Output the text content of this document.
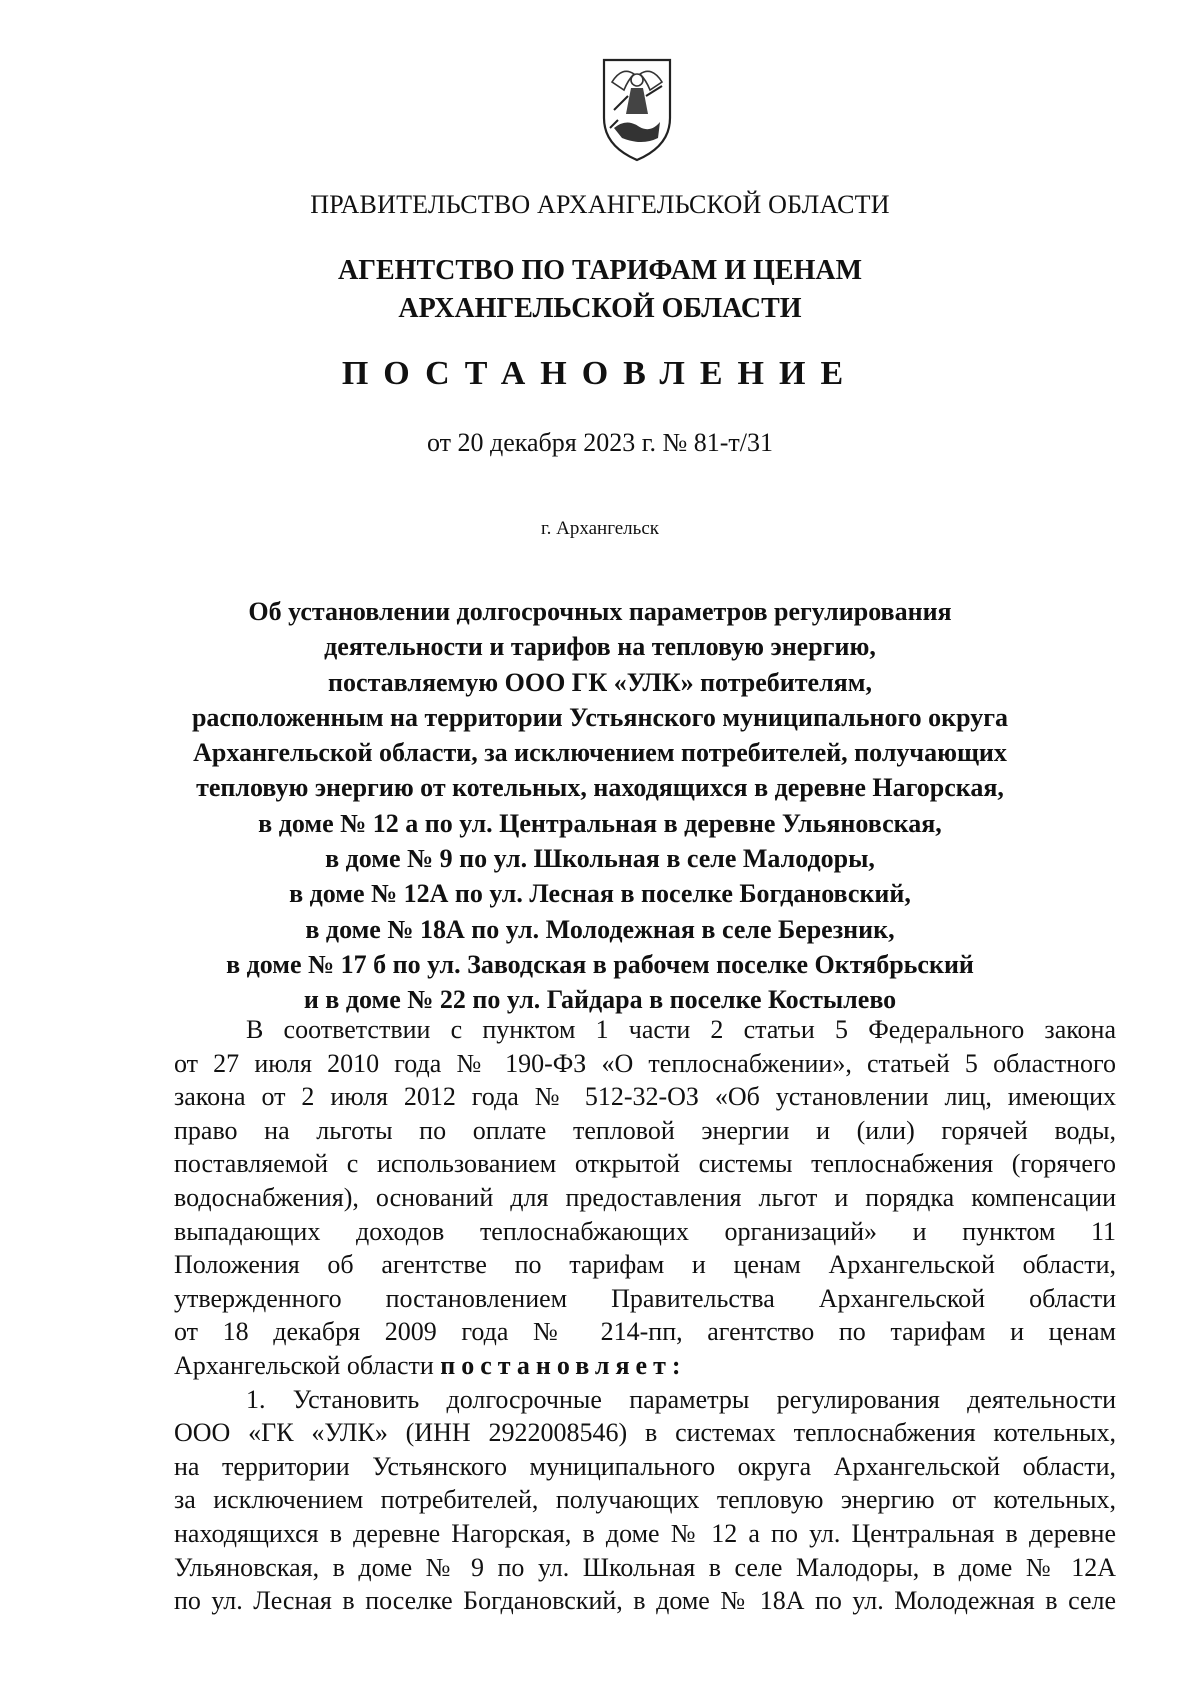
ПРАВИТЕЛЬСТВО АРХАНГЕЛЬСКОЙ ОБЛАСТИ
АГЕНТСТВО ПО ТАРИФАМ И ЦЕНАМ
АРХАНГЕЛЬСКОЙ ОБЛАСТИ
ПОСТАНОВЛЕНИЕ
от 20 декабря 2023 г. № 81-т/31
г. Архангельск
Об установлении долгосрочных параметров регулирования
деятельности и тарифов на тепловую энергию,
поставляемую ООО ГК «УЛК» потребителям,
расположенным на территории Устьянского муниципального округа
Архангельской области, за исключением потребителей, получающих
тепловую энергию от котельных, находящихся в деревне Нагорская,
в доме № 12 а по ул. Центральная в деревне Ульяновская,
в доме № 9 по ул. Школьная в селе Малодоры,
в доме № 12А по ул. Лесная в поселке Богдановский,
в доме № 18А по ул. Молодежная в селе Березник,
в доме № 17 б по ул. Заводская в рабочем поселке Октябрьский
и в доме № 22 по ул. Гайдара в поселке Костылево
В соответствии с пунктом 1 части 2 статьи 5 Федерального закона
от 27 июля 2010 года № 190-ФЗ «О теплоснабжении», статьей 5 областного
закона от 2 июля 2012 года № 512-32-ОЗ «Об установлении лиц, имеющих
право на льготы по оплате тепловой энергии и (или) горячей воды,
поставляемой с использованием открытой системы теплоснабжения (горячего
водоснабжения), оснований для предоставления льгот и порядка компенсации
выпадающих доходов теплоснабжающих организаций» и пунктом 11
Положения об агентстве по тарифам и ценам Архангельской области,
утвержденного постановлением Правительства Архангельской области
от 18 декабря 2009 года № 214-пп, агентство по тарифам и ценам
Архангельской области постановляет:
1. Установить долгосрочные параметры регулирования деятельности
ООО «ГК «УЛК» (ИНН 2922008546) в системах теплоснабжения котельных,
на территории Устьянского муниципального округа Архангельской области,
за исключением потребителей, получающих тепловую энергию от котельных,
находящихся в деревне Нагорская, в доме № 12 а по ул. Центральная в деревне
Ульяновская, в доме № 9 по ул. Школьная в селе Малодоры, в доме № 12А
по ул. Лесная в поселке Богдановский, в доме № 18А по ул. Молодежная в селе
